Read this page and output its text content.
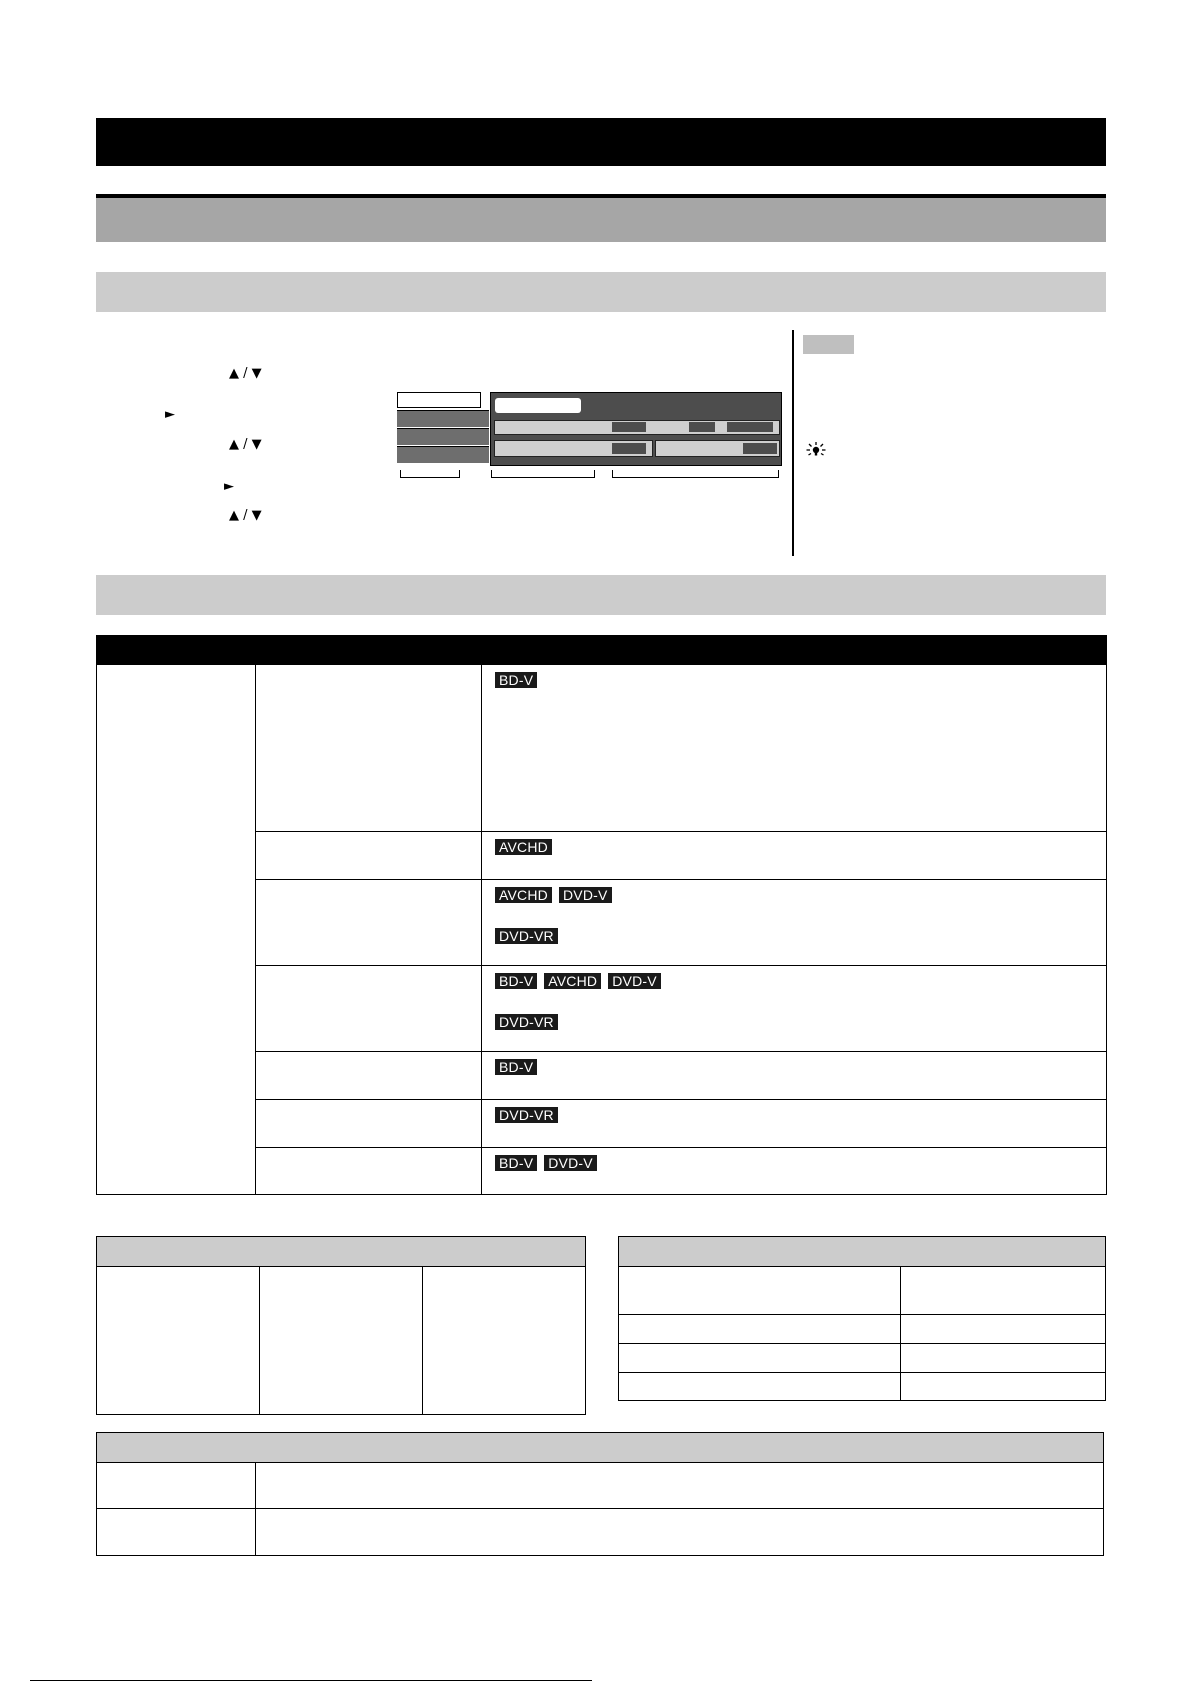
▲ / ▼
►
▲ / ▼
►
▲ / ▼

		BD-V
		AVCHD

		AVCHD DVD-V
DVD-VR

		BD-V AVCHD DVD-V
DVD-VR

		BD-V
		DVD-VR
		BD-V DVD-V
